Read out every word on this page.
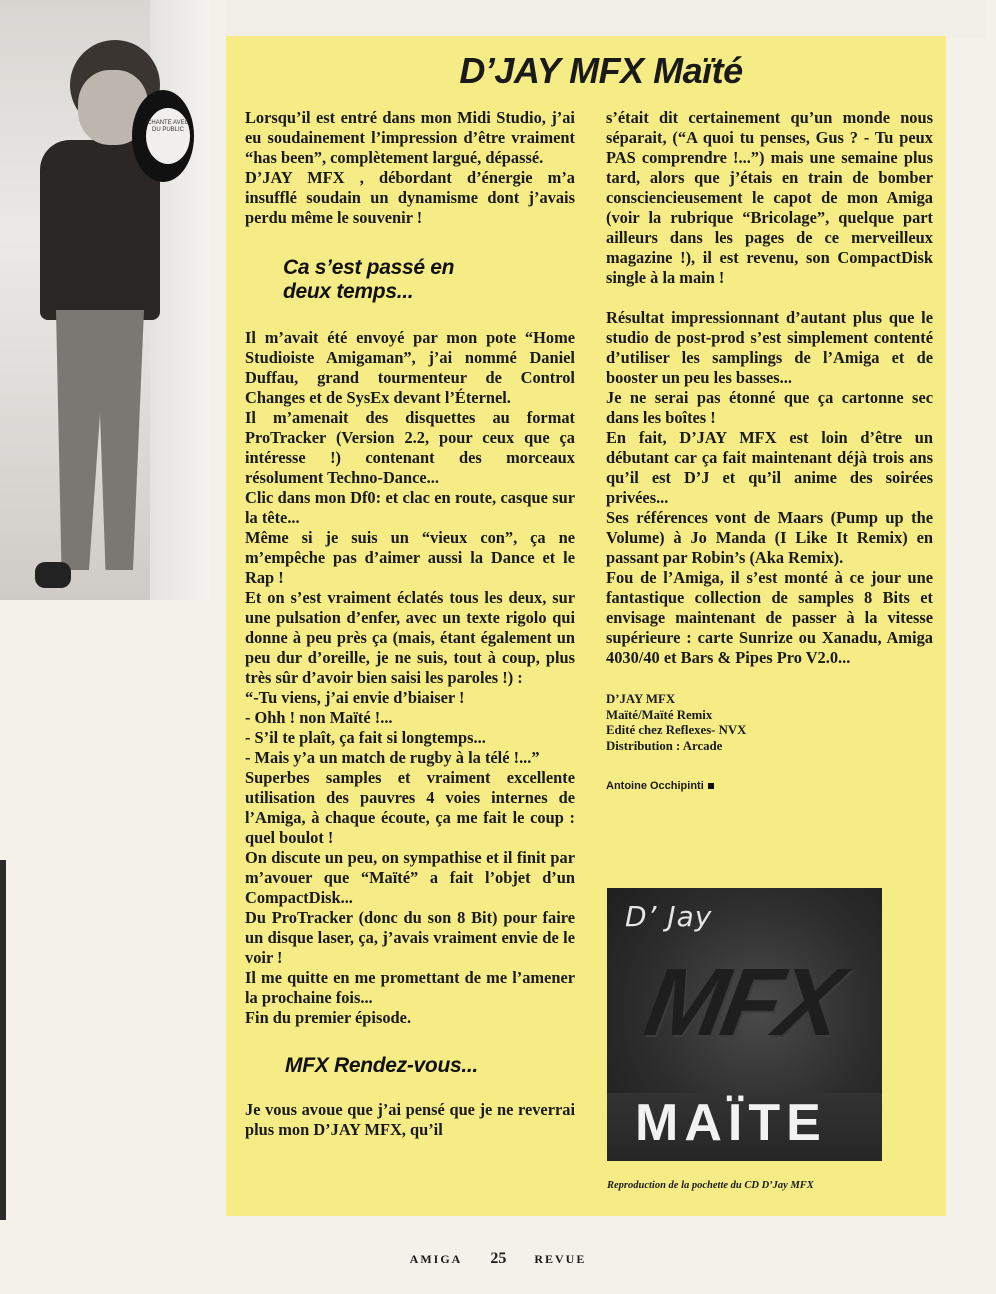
CHANTE AVEC DU PUBLIC
D’JAY MFX Maïté

Lorsqu’il est entré dans mon Midi Studio, j’ai eu soudainement l’impression d’être vraiment “has been”, complètement largué, dépassé.

D’JAY MFX , débordant d’énergie m’a insufflé soudain un dynamisme dont j’avais perdu même le souvenir !

Ca s’est passé en deux temps...

Il m’avait été envoyé par mon pote “Home Studioiste Amigaman”, j’ai nommé Daniel Duffau, grand tourmenteur de Control Changes et de SysEx devant l’Éternel.

Il m’amenait des disquettes au format ProTracker (Version 2.2, pour ceux que ça intéresse !) contenant des morceaux résolument Techno-Dance...

Clic dans mon Df0: et clac en route, casque sur la tête...

Même si je suis un “vieux con”, ça ne m’empêche pas d’aimer aussi la Dance et le Rap !

Et on s’est vraiment éclatés tous les deux, sur une pulsation d’enfer, avec un texte rigolo qui donne à peu près ça (mais, étant également un peu dur d’oreille, je ne suis, tout à coup, plus très sûr d’avoir bien saisi les paroles !) :

“-Tu viens, j’ai envie d’biaiser !

- Ohh ! non Maïté !...

- S’il te plaît, ça fait si longtemps...

- Mais y’a un match de rugby à la télé !...”

Superbes samples et vraiment excellente utilisation des pauvres 4 voies internes de l’Amiga, à chaque écoute, ça me fait le coup : quel boulot !

On discute un peu, on sympathise et il finit par m’avouer que “Maïté” a fait l’objet d’un CompactDisk...

Du ProTracker (donc du son 8 Bit) pour faire un disque laser, ça, j’avais vraiment envie de le voir !

Il me quitte en me promettant de me l’amener la prochaine fois...

Fin du premier épisode.

MFX Rendez-vous...

Je vous avoue que j’ai pensé que je ne reverrai plus mon D’JAY MFX, qu’il

s’était dit certainement qu’un monde nous séparait, (“A quoi tu penses, Gus ? - Tu peux PAS comprendre !...”) mais une semaine plus tard, alors que j’étais en train de bomber consciencieusement le capot de mon Amiga (voir la rubrique “Bricolage”, quelque part ailleurs dans les pages de ce merveilleux magazine !), il est revenu, son CompactDisk single à la main !

Résultat impressionnant d’autant plus que le studio de post-prod s’est simplement contenté d’utiliser les samplings de l’Amiga et de booster un peu les basses...

Je ne serai pas étonné que ça cartonne sec dans les boîtes !

En fait, D’JAY MFX est loin d’être un débutant car ça fait maintenant déjà trois ans qu’il est D’J et qu’il anime des soirées privées...

Ses références vont de Maars (Pump up the Volume) à Jo Manda (I Like It Remix) en passant par Robin’s (Aka Remix).

Fou de l’Amiga, il s’est monté à ce jour une fantastique collection de samples 8 Bits et envisage maintenant de passer à la vitesse supérieure : carte Sunrize ou Xanadu, Amiga 4030/40 et Bars & Pipes Pro V2.0...

D’JAY MFX
Maïté/Maïté Remix
Edité chez Reflexes- NVX
Distribution : Arcade
Antoine Occhipinti
MFX
D’ Jay
MAÏTE
Reproduction de la pochette du CD D’Jay MFX
AMIGA 25 REVUE
